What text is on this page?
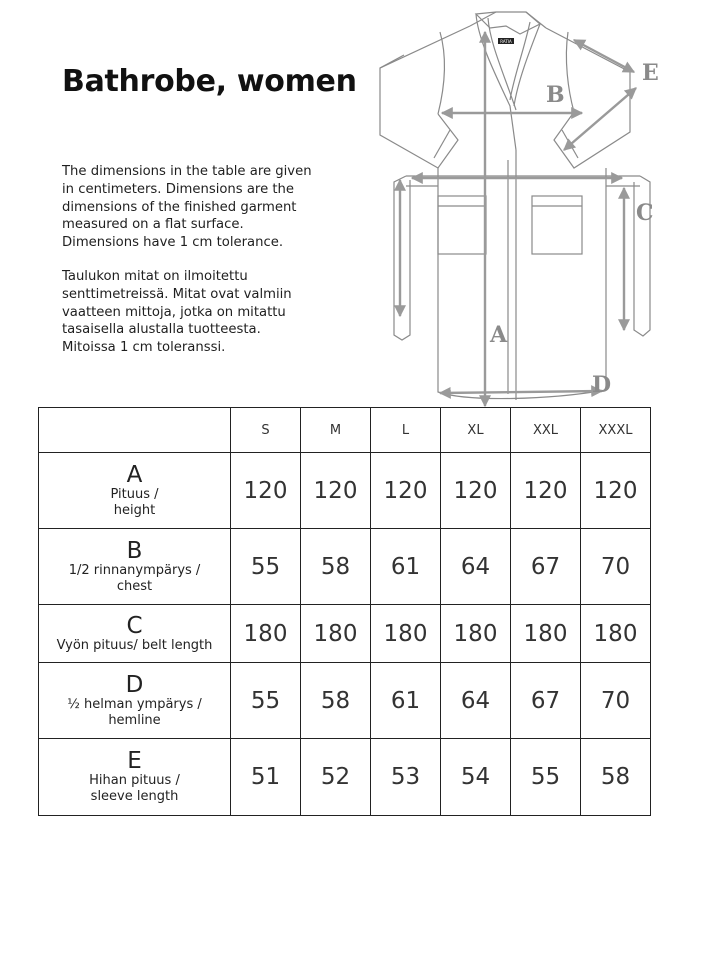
Bathrobe, women

The dimensions in the table are given
in centimeters. Dimensions are the
dimensions of the finished garment
measured on a flat surface.
Dimensions have 1 cm tolerance.

Taulukon mitat on ilmoitettu
senttimetreissä. Mitat ovat valmiin
vaatteen mittoja, jotka on mitattu
tasaisella alustalla tuotteesta.
Mitoissa 1 cm toleranssi.

RATIA
A
B
C
D
E
	S	M	L	XL	XXL	XXXL

A
Pituus /
height	120	120	120	120	120	120

B
1/2 rinnanympärys /
chest	55	58	61	64	67	70

C
Vyön pituus/ belt length	180	180	180	180	180	180

D
½ helman ympärys /
hemline	55	58	61	64	67	70

E
Hihan pituus /
sleeve length	51	52	53	54	55	58
